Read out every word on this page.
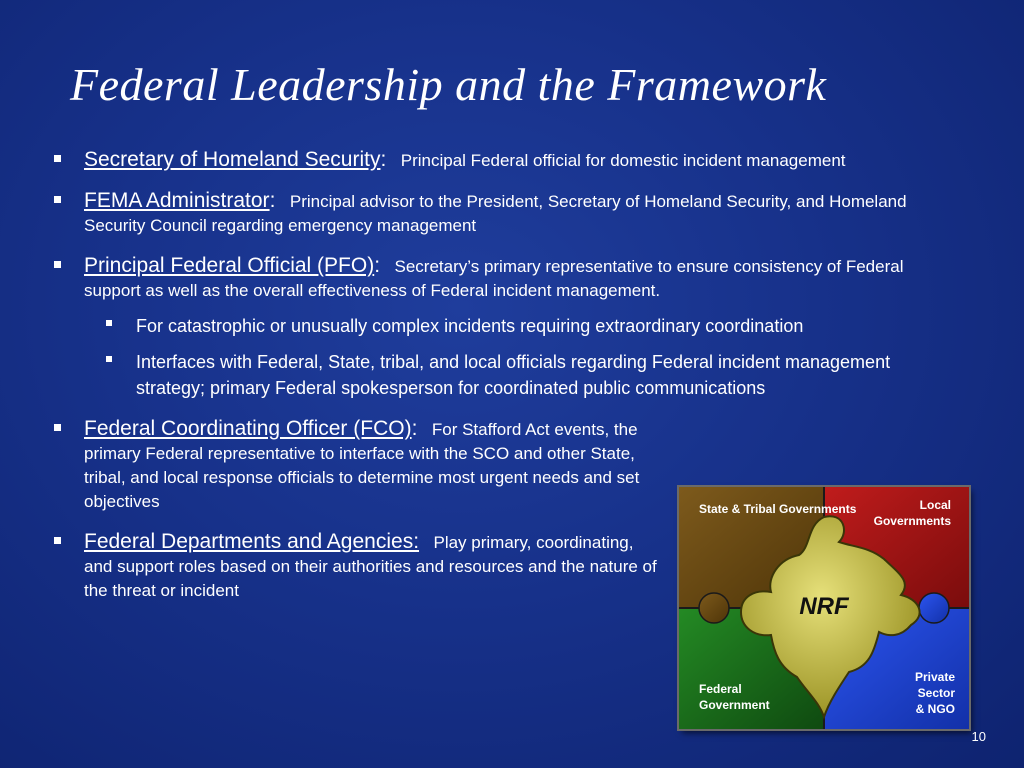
Federal Leadership and the Framework
Secretary of Homeland Security: Principal Federal official for domestic incident management
FEMA Administrator: Principal advisor to the President, Secretary of Homeland Security, and Homeland Security Council regarding emergency management
Principal Federal Official (PFO): Secretary’s primary representative to ensure consistency of Federal support as well as the overall effectiveness of Federal incident management.
For catastrophic or unusually complex incidents requiring extraordinary coordination
Interfaces with Federal, State, tribal, and local officials regarding Federal incident management strategy; primary Federal spokesperson for coordinated public communications
Federal Coordinating Officer (FCO): For Stafford Act events, the primary Federal representative to interface with the SCO and other State, tribal, and local response officials to determine most urgent needs and set objectives
Federal Departments and Agencies: Play primary, coordinating, and support roles based on their authorities and resources and the nature of the threat or incident
State & Tribal Governments	Local Governments
Federal Government
Private
Sector
& NGO
NRF
10
